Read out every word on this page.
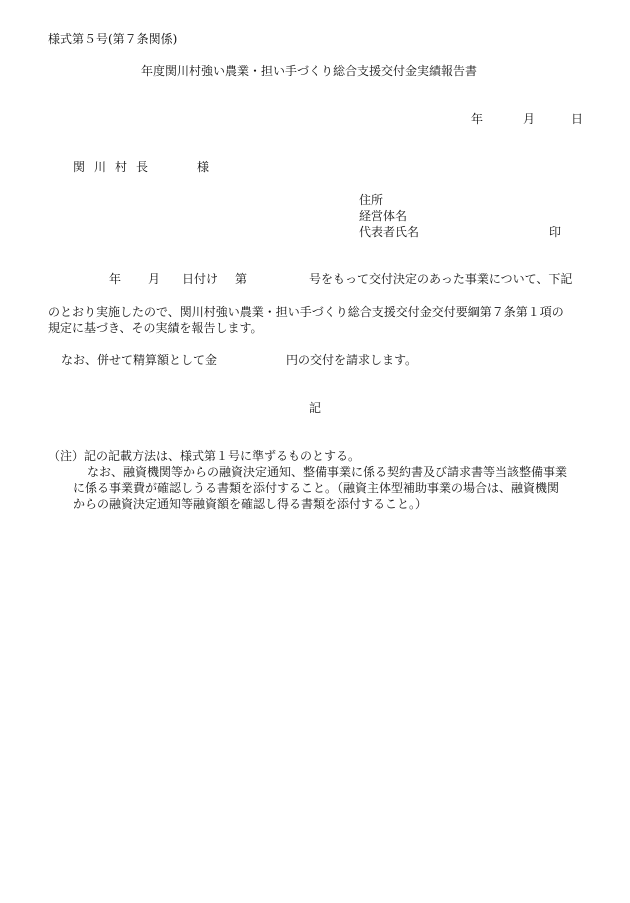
様式第５号(第７条関係)
年度関川村強い農業・担い手づくり総合支援交付金実績報告書
年	月	日
関川村長	様
住所
経営体名
代表者氏名	印
年 月 日付け 第	号をもって交付決定のあった事業について、下記
のとおり実施したので、関川村強い農業・担い手づくり総合支援交付金交付要綱第７条第１項の
規定に基づき、その実績を報告します。
なお、併せて精算額として金	円の交付を請求します。
記
（注）記の記載方法は、様式第１号に準ずるものとする。
なお、融資機関等からの融資決定通知、整備事業に係る契約書及び請求書等当該整備事業
に係る事業費が確認しうる書類を添付すること。（融資主体型補助事業の場合は、融資機関
からの融資決定通知等融資額を確認し得る書類を添付すること。）
